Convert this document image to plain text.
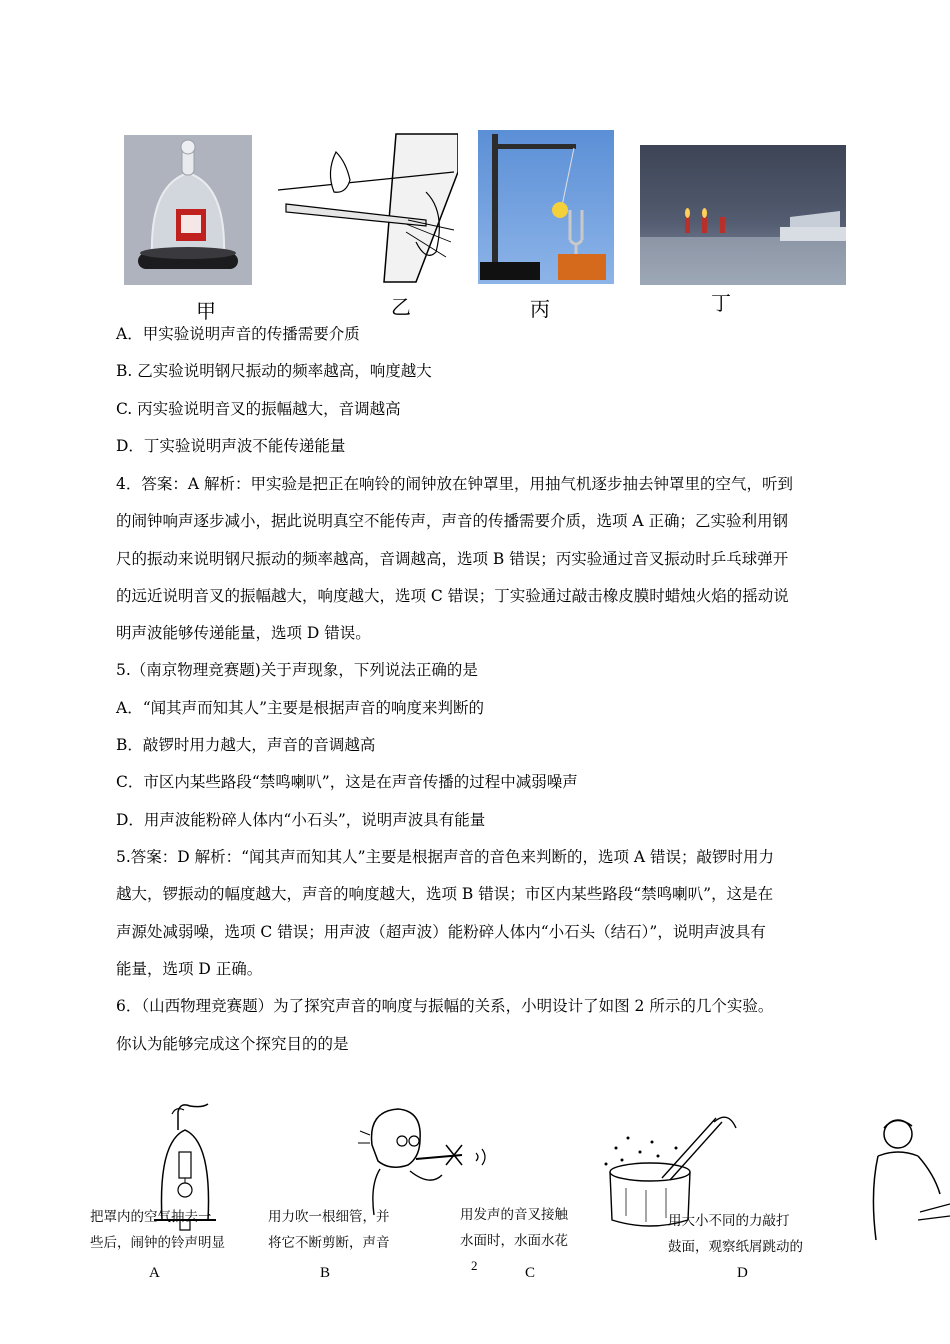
甲	乙	丙	丁
A．甲实验说明声音的传播需要介质
B. 乙实验说明钢尺振动的频率越高，响度越大
C. 丙实验说明音叉的振幅越大，音调越高
D．丁实验说明声波不能传递能量
4．答案：A 解析：甲实验是把正在响铃的闹钟放在钟罩里，用抽气机逐步抽去钟罩里的空气，听到
的闹钟响声逐步减小，据此说明真空不能传声，声音的传播需要介质，选项 A 正确；乙实验利用钢
尺的振动来说明钢尺振动的频率越高，音调越高，选项 B 错误；丙实验通过音叉振动时乒乓球弹开
的远近说明音叉的振幅越大，响度越大，选项 C 错误；丁实验通过敲击橡皮膜时蜡烛火焰的摇动说
明声波能够传递能量，选项 D 错误。
5.（南京物理竞赛题)关于声现象，下列说法正确的是
A．“闻其声而知其人”主要是根据声音的响度来判断的
B．敲锣时用力越大，声音的音调越高
C．市区内某些路段“禁鸣喇叭”，这是在声音传播的过程中减弱噪声
D．用声波能粉碎人体内“小石头”，说明声波具有能量
5.答案：D 解析：“闻其声而知其人”主要是根据声音的音色来判断的，选项 A 错误；敲锣时用力
越大，锣振动的幅度越大，声音的响度越大，选项 B 错误；市区内某些路段“禁鸣喇叭”，这是在
声源处减弱噪，选项 C 错误；用声波（超声波）能粉碎人体内“小石头（结石）”，说明声波具有
能量，选项 D 正确。
6．（山西物理竞赛题）为了探究声音的响度与振幅的关系，小明设计了如图 2 所示的几个实验。
你认为能够完成这个探究目的的是
把罩内的空气抽去一
些后，闹钟的铃声明显
用力吹一根细管，并
将它不断剪断，声音
用发声的音叉接触
水面时，水面水花
用大小不同的力敲打
鼓面，观察纸屑跳动的
A	B	C	D
2
